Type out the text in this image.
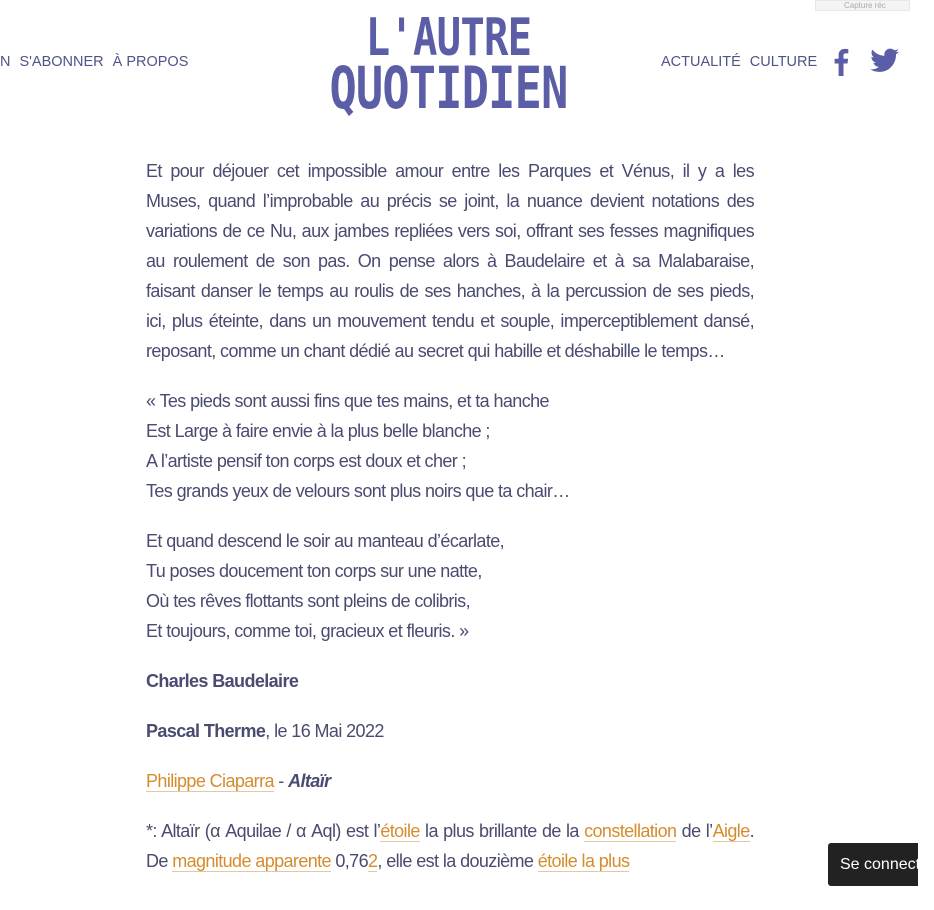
Capture réc
N S'ABONNER À PROPOS	L'AUTRE
QUOTIDIEN	ACTUALITÉ CULTURE

Et pour déjouer cet impossible amour entre les Parques et Vénus, il y a les Muses, quand l’improbable au précis se joint, la nuance devient notations des variations de ce Nu, aux jambes repliées vers soi, offrant ses fesses magnifiques au roulement de son pas. On pense alors à Baudelaire et à sa Malabaraise, faisant danser le temps au roulis de ses hanches, à la percussion de ses pieds, ici, plus éteinte, dans un mouvement tendu et souple, imperceptiblement dansé, reposant, comme un chant dédié au secret qui habille et déshabille le temps…

« Tes pieds sont aussi fins que tes mains, et ta hanche
Est Large à faire envie à la plus belle blanche ;
A l’artiste pensif ton corps est doux et cher ;
Tes grands yeux de velours sont plus noirs que ta chair…

Et quand descend le soir au manteau d’écarlate,
Tu poses doucement ton corps sur une natte,
Où tes rêves flottants sont pleins de colibris,
Et toujours, comme toi, gracieux et fleuris. »

Charles Baudelaire

Pascal Therme, le 16 Mai 2022

Philippe Ciaparra - Altaïr

*: Altaïr (α Aquilae / α Aql) est l’étoile la plus brillante de la constellation de l’Aigle. De magnitude apparente 0,762, elle est la douzième étoile la plus	Se connecter
